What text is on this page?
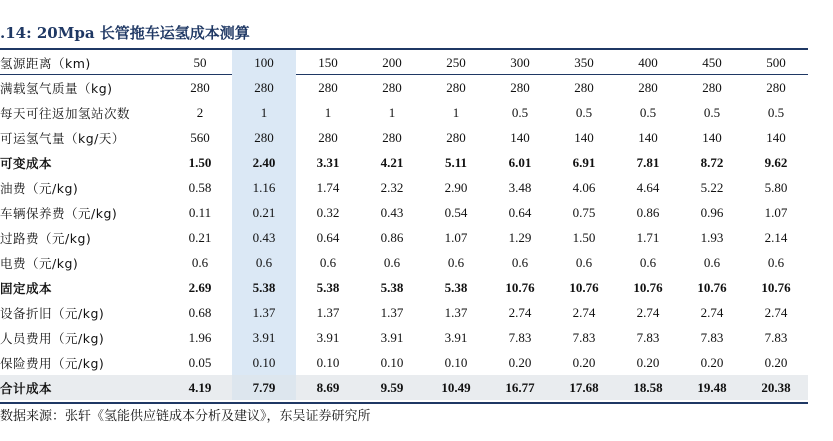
.14: 20Mpa 长管拖车运氢成本测算
氢源距离（km)	50	100	150	200	250	300	350	400	450	500
满载氢气质量（kg)	280	280	280	280	280	280	280	280	280	280
每天可往返加氢站次数	2	1	1	1	1	0.5	0.5	0.5	0.5	0.5
可运氢气量（kg/天）	560	280	280	280	280	140	140	140	140	140
可变成本	1.50	2.40	3.31	4.21	5.11	6.01	6.91	7.81	8.72	9.62
油费（元/kg)	0.58	1.16	1.74	2.32	2.90	3.48	4.06	4.64	5.22	5.80
车辆保养费（元/kg)	0.11	0.21	0.32	0.43	0.54	0.64	0.75	0.86	0.96	1.07
过路费（元/kg)	0.21	0.43	0.64	0.86	1.07	1.29	1.50	1.71	1.93	2.14
电费（元/kg)	0.6	0.6	0.6	0.6	0.6	0.6	0.6	0.6	0.6	0.6
固定成本	2.69	5.38	5.38	5.38	5.38	10.76	10.76	10.76	10.76	10.76
设备折旧（元/kg)	0.68	1.37	1.37	1.37	1.37	2.74	2.74	2.74	2.74	2.74
人员费用（元/kg)	1.96	3.91	3.91	3.91	3.91	7.83	7.83	7.83	7.83	7.83
保险费用（元/kg)	0.05	0.10	0.10	0.10	0.10	0.20	0.20	0.20	0.20	0.20
合计成本	4.19	7.79	8.69	9.59	10.49	16.77	17.68	18.58	19.48	20.38
数据来源：张轩《氢能供应链成本分析及建议》，东吴证券研究所
